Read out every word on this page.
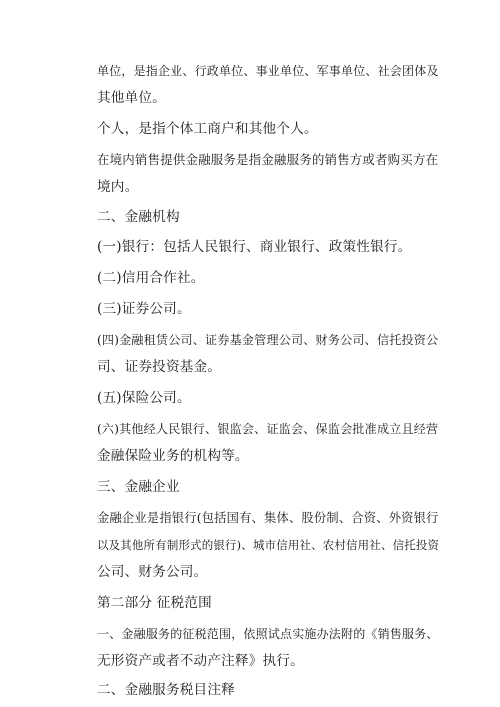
单位，是指企业、行政单位、事业单位、军事单位、社会团体及
其他单位。
个人，是指个体工商户和其他个人。
在境内销售提供金融服务是指金融服务的销售方或者购买方在
境内。
二、金融机构
(一)银行：包括人民银行、商业银行、政策性银行。
(二)信用合作社。
(三)证券公司。
(四)金融租赁公司、证券基金管理公司、财务公司、信托投资公
司、证券投资基金。
(五)保险公司。
(六)其他经人民银行、银监会、证监会、保监会批准成立且经营
金融保险业务的机构等。
三、金融企业
金融企业是指银行(包括国有、集体、股份制、合资、外资银行
以及其他所有制形式的银行)、城市信用社、农村信用社、信托投资
公司、财务公司。
第二部分 征税范围
一、金融服务的征税范围，依照试点实施办法附的《销售服务、
无形资产或者不动产注释》执行。
二、金融服务税目注释
